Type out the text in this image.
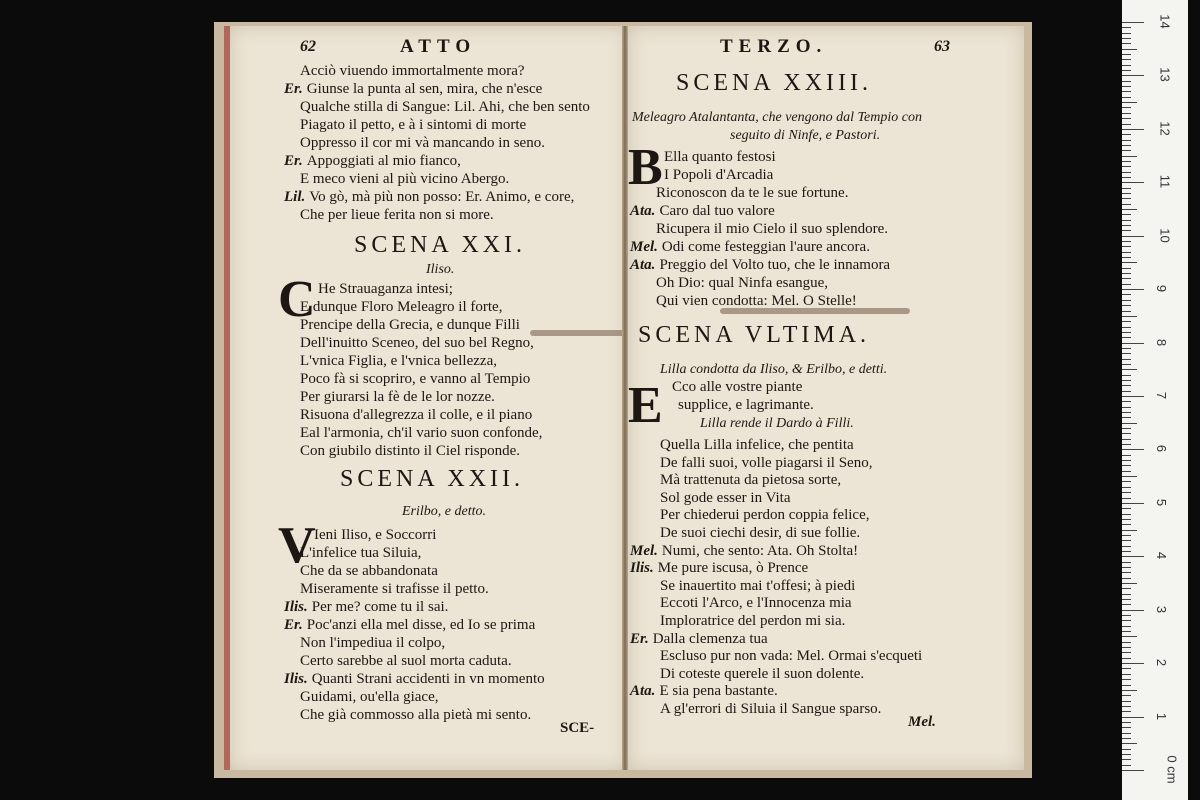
62	ATTO
Acciò viuendo immortalmente mora?
Er. Giunse la punta al sen, mira, che n'esce
Qualche stilla di Sangue: Lil. Ahi, che ben sento
Piagato il petto, e à i sintomi di morte
Oppresso il cor mi và mancando in seno.
Er. Appoggiati al mio fianco,
E meco vieni al più vicino Abergo.
Lil. Vo gò, mà più non posso: Er. Animo, e core,
Che per lieue ferita non si more.
SCENA XXI.
Iliso.
C He Strauaganza intesi;
E dunque Floro Meleagro il forte,
Prencipe della Grecia, e dunque Filli
Dell'inuitto Sceneo, del suo bel Regno,
L'vnica Figlia, e l'vnica bellezza,
Poco fà si scopriro, e vanno al Tempio
Per giurarsi la fè de le lor nozze.
Risuona d'allegrezza il colle, e il piano
Eal l'armonia, ch'il vario suon confonde,
Con giubilo distinto il Ciel risponde.
SCENA XXII.
Erilbo, e detto.
V
Ieni Iliso, e Soccorri
L'infelice tua Siluia,
Che da se abbandonata
Miseramente si trafisse il petto.
Ilis. Per me? come tu il sai.
Er. Poc'anzi ella mel disse, ed Io se prima
Non l'impediua il colpo,
Certo sarebbe al suol morta caduta.
Ilis. Quanti Strani accidenti in vn momento
Guidami, ou'ella giace,
Che già commosso alla pietà mi sento.
SCE-
TERZO.	63
SCENA XXIII.
Meleagro Atalantanta, che vengono dal Tempio con
seguito di Ninfe, e Pastori.
B Ella quanto festosi
I Popoli d'Arcadia
Riconoscon da te le sue fortune.
Ata. Caro dal tuo valore
Ricupera il mio Cielo il suo splendore.
Mel. Odi come festeggian l'aure ancora.
Ata. Preggio del Volto tuo, che le innamora
Oh Dio: qual Ninfa esangue,
Qui vien condotta: Mel. O Stelle!
SCENA VLTIMA.
Lilla condotta da Iliso, & Erilbo, e detti.
E Cco alle vostre piante
supplice, e lagrimante.
Lilla rende il Dardo à Filli.
Quella Lilla infelice, che pentita
De falli suoi, volle piagarsi il Seno,
Mà trattenuta da pietosa sorte,
Sol gode esser in Vita
Per chiederui perdon coppia felice,
De suoi ciechi desir, di sue follie.
Mel. Numi, che sento: Ata. Oh Stolta!
Ilis. Me pure iscusa, ò Prence
Se inauertito mai t'offesi; à piedi
Eccoti l'Arco, e l'Innocenza mia
Imploratrice del perdon mi sia.
Er. Dalla clemenza tua
Escluso pur non vada: Mel. Ormai s'ecqueti
Di coteste querele il suon dolente.
Ata. E sia pena bastante.
A gl'errori di Siluia il Sangue sparso.
Mel.
14
13
12
11
10
9
8
7
6
5
4
3
2
1
0 cm
